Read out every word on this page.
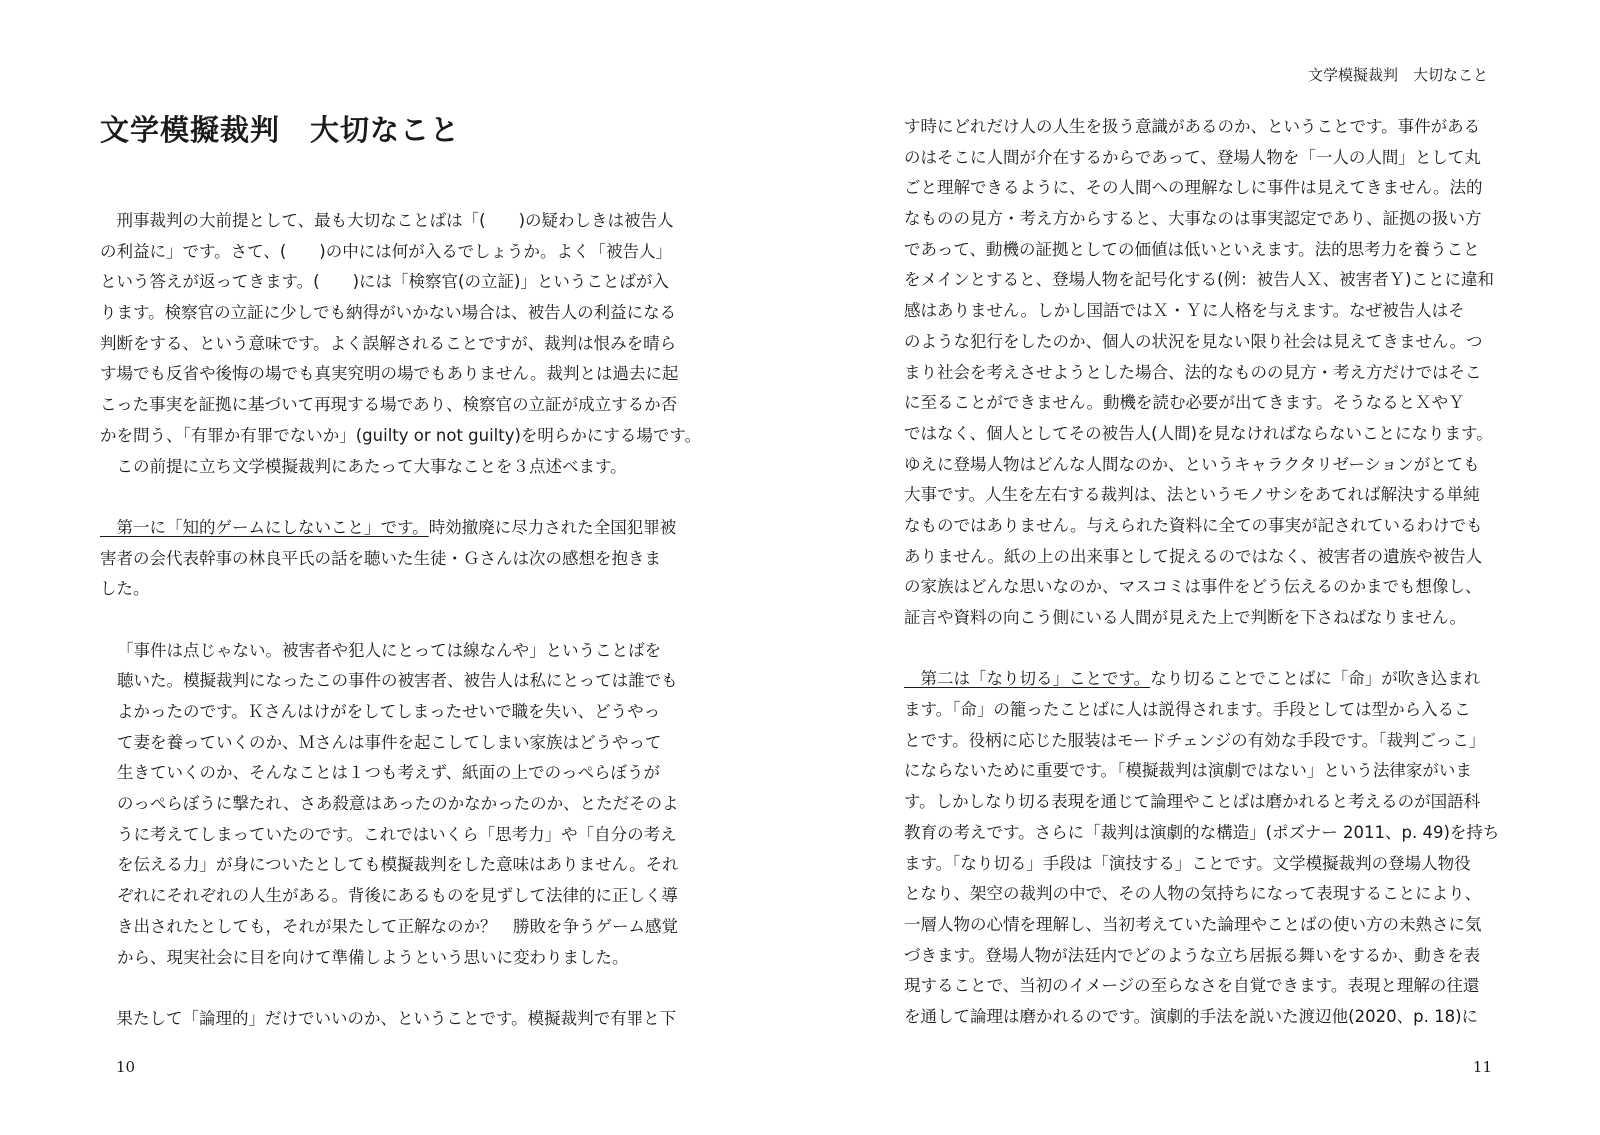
文学模擬裁判　大切なこと
　刑事裁判の大前提として、最も大切なことばは「(　　)の疑わしきは被告人
の利益に」です。さて、(　　)の中には何が入るでしょうか。よく「被告人」
という答えが返ってきます。(　　)には「検察官(の立証)」ということばが入
ります。検察官の立証に少しでも納得がいかない場合は、被告人の利益になる
判断をする、という意味です。よく誤解されることですが、裁判は恨みを晴ら
す場でも反省や後悔の場でも真実究明の場でもありません。裁判とは過去に起
こった事実を証拠に基づいて再現する場であり、検察官の立証が成立するか否
かを問う、「有罪か有罪でないか」(guilty or not guilty)を明らかにする場です。
　この前提に立ち文学模擬裁判にあたって大事なことを３点述べます。
　第一に「知的ゲームにしないこと」です。時効撤廃に尽力された全国犯罪被
害者の会代表幹事の林良平氏の話を聴いた生徒・Ｇさんは次の感想を抱きま
した。
「事件は点じゃない。被害者や犯人にとっては線なんや」ということばを
聴いた。模擬裁判になったこの事件の被害者、被告人は私にとっては誰でも
よかったのです。Ｋさんはけがをしてしまったせいで職を失い、どうやっ
て妻を養っていくのか、Ｍさんは事件を起こしてしまい家族はどうやって
生きていくのか、そんなことは１つも考えず、紙面の上でのっぺらぼうが
のっぺらぼうに撃たれ、さあ殺意はあったのかなかったのか、とただそのよ
うに考えてしまっていたのです。これではいくら「思考力」や「自分の考え
を伝える力」が身についたとしても模擬裁判をした意味はありません。それ
ぞれにそれぞれの人生がある。背後にあるものを見ずして法律的に正しく導
き出されたとしても，それが果たして正解なのか？　勝敗を争うゲーム感覚
から、現実社会に目を向けて準備しようという思いに変わりました。
　果たして「論理的」だけでいいのか、ということです。模擬裁判で有罪と下
10
文学模擬裁判　大切なこと
す時にどれだけ人の人生を扱う意識があるのか、ということです。事件がある
のはそこに人間が介在するからであって、登場人物を「一人の人間」として丸
ごと理解できるように、その人間への理解なしに事件は見えてきません。法的
なものの見方・考え方からすると、大事なのは事実認定であり、証拠の扱い方
であって、動機の証拠としての価値は低いといえます。法的思考力を養うこと
をメインとすると、登場人物を記号化する(例：被告人Ｘ、被害者Ｙ)ことに違和
感はありません。しかし国語ではＸ・Ｙに人格を与えます。なぜ被告人はそ
のような犯行をしたのか、個人の状況を見ない限り社会は見えてきません。つ
まり社会を考えさせようとした場合、法的なものの見方・考え方だけではそこ
に至ることができません。動機を読む必要が出てきます。そうなるとＸやＹ
ではなく、個人としてその被告人(人間)を見なければならないことになります。
ゆえに登場人物はどんな人間なのか、というキャラクタリゼーションがとても
大事です。人生を左右する裁判は、法というモノサシをあてれば解決する単純
なものではありません。与えられた資料に全ての事実が記されているわけでも
ありません。紙の上の出来事として捉えるのではなく、被害者の遺族や被告人
の家族はどんな思いなのか、マスコミは事件をどう伝えるのかまでも想像し、
証言や資料の向こう側にいる人間が見えた上で判断を下さねばなりません。
　第二は「なり切る」ことです。なり切ることでことばに「命」が吹き込まれ
ます。「命」の籠ったことばに人は説得されます。手段としては型から入るこ
とです。役柄に応じた服装はモードチェンジの有効な手段です。「裁判ごっこ」
にならないために重要です。「模擬裁判は演劇ではない」という法律家がいま
す。しかしなり切る表現を通じて論理やことばは磨かれると考えるのが国語科
教育の考えです。さらに「裁判は演劇的な構造」(ポズナー 2011、p. 49)を持ち
ます。「なり切る」手段は「演技する」ことです。文学模擬裁判の登場人物役
となり、架空の裁判の中で、その人物の気持ちになって表現することにより、
一層人物の心情を理解し、当初考えていた論理やことばの使い方の未熟さに気
づきます。登場人物が法廷内でどのような立ち居振る舞いをするか、動きを表
現することで、当初のイメージの至らなさを自覚できます。表現と理解の往還
を通して論理は磨かれるのです。演劇的手法を説いた渡辺他(2020、p. 18)に
11
